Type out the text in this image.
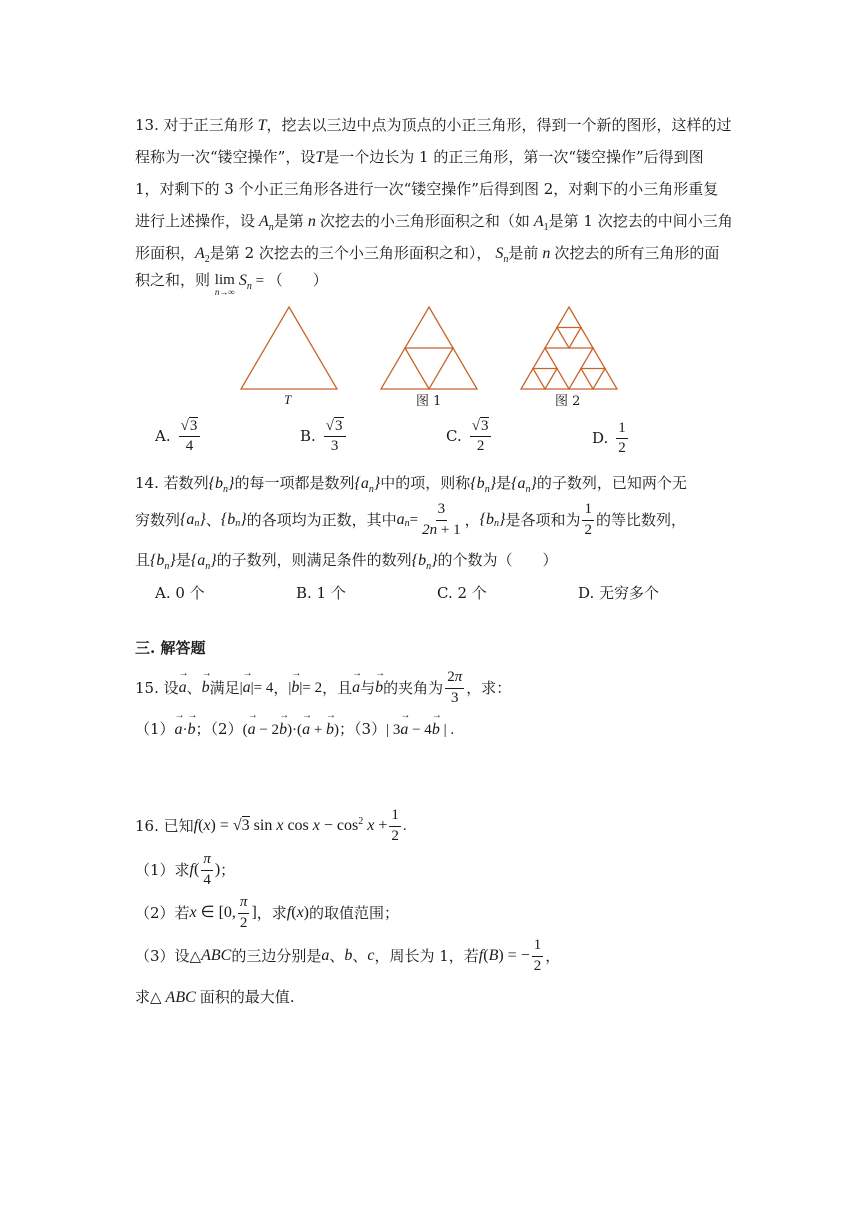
13. 对于正三角形 T，挖去以三边中点为顶点的小正三角形，得到一个新的图形，这样的过
程称为一次“镂空操作”，设T是一个边长为 1 的正三角形，第一次“镂空操作”后得到图
1，对剩下的 3 个小正三角形各进行一次“镂空操作”后得到图 2，对剩下的小三角形重复
进行上述操作，设 $A_n$是第 n 次挖去的小三角形面积之和（如 $A_1$是第 1 次挖去的中间小三角
形面积，$A_2$是第 2 次挖去的三个小三角形面积之和）， $S_n$是前 n 次挖去的所有三角形的面
积之和，则 lim
n→∞
$S_n$ = （　　）
T	图 1	图 2
A. $\frac{√3}{4}$	B. $\frac{√3}{3}$	C. $\frac{√3}{2}$	D. $\frac{1}{2}$
14. 若数列$\{b_n\}$的每一项都是数列$\{a_n\}$中的项，则称$\{b_n\}$是$\{a_n\}$的子数列，已知两个无
穷数列 {a n } 、 {b n } 的各项均为正数，其中 a $n = \frac{3}{2n + 1}$ ， {b n } 是各项和为 $\frac{1}{2}$ 的等比数列，
且$\{b_n\}$是$\{a_n\}$的子数列，则满足条件的数列$\{b_n\}$的个数为（　　）
A. 0 个	B. 1 个	C. 2 个	D. 无穷多个
三. 解答题
15. 设 → a 、 → b 满足 |→ a|= 4 ， |→ b|= 2 ，且 → a 与 → b 的夹角为 $\frac{2\pi}{3}$ ，求：
（1）→ a·→ b；（2）(→ a − 2→ b)·(→ a + → b)；（3）| 3→ a − 4→ b | .
16. 已知 f(x) = √3 sin x $\cos x - \cos^2 x + \frac{1}{2}$ .
（1）求 $f( \frac{\pi}{4}$ ) ；
（2）若 x ∈ [0, $\frac{\pi}{2}$ ] ，求 f(x) 的取值范围；
（3）设△ ABC 的三边分别是 a 、 b 、 c ，周长为 1，若 f(B) = − $\frac{1}{2}$ ，
求△ ABC 面积的最大值.
